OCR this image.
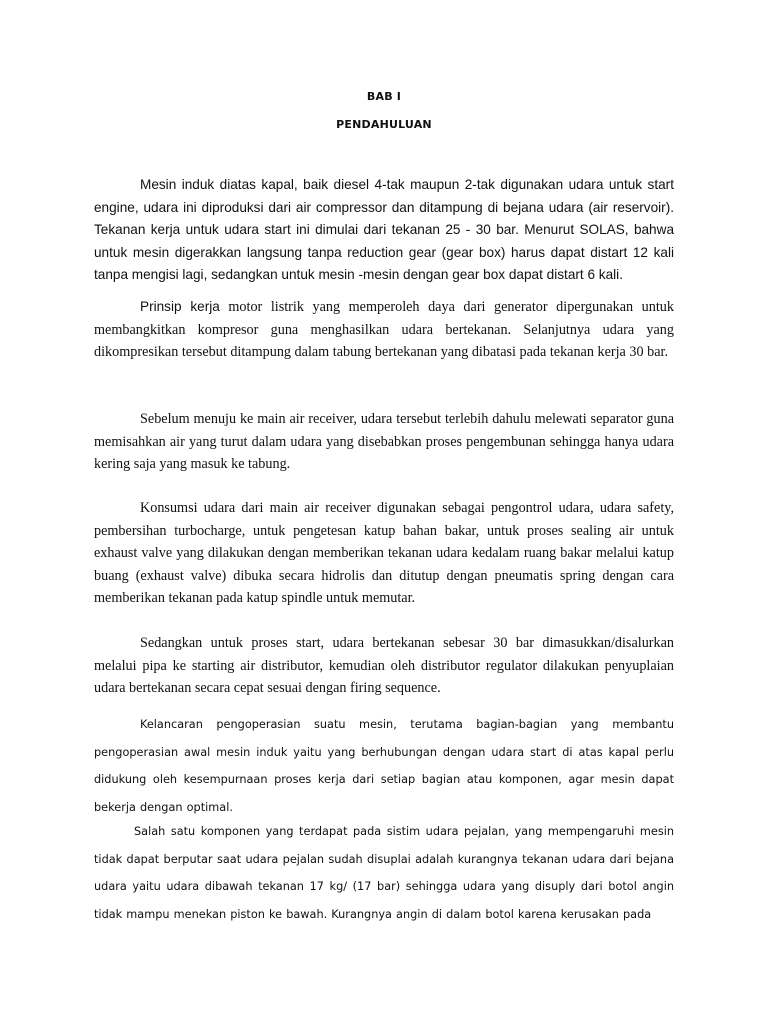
BAB I
PENDAHULUAN

Mesin induk diatas kapal, baik diesel 4-tak maupun 2-tak digunakan udara untuk start engine, udara ini diproduksi dari air compressor dan ditampung di bejana udara (air reservoir). Tekanan kerja untuk udara start ini dimulai dari tekanan 25 - 30 bar. Menurut SOLAS, bahwa untuk mesin digerakkan langsung tanpa reduction gear (gear box) harus dapat distart 12 kali tanpa mengisi lagi, sedangkan untuk mesin -mesin dengan gear box dapat distart 6 kali.

Prinsip kerja motor listrik yang memperoleh daya dari generator dipergunakan untuk membangkitkan kompresor guna menghasilkan udara bertekanan. Selanjutnya udara yang dikompresikan tersebut ditampung dalam tabung bertekanan yang dibatasi pada tekanan kerja 30 bar.

Sebelum menuju ke main air receiver, udara tersebut terlebih dahulu melewati separator guna memisahkan air yang turut dalam udara yang disebabkan proses pengembunan sehingga hanya udara kering saja yang masuk ke tabung.

Konsumsi udara dari main air receiver digunakan sebagai pengontrol udara, udara safety, pembersihan turbocharge, untuk pengetesan katup bahan bakar, untuk proses sealing air untuk exhaust valve yang dilakukan dengan memberikan tekanan udara kedalam ruang bakar melalui katup buang (exhaust valve) dibuka secara hidrolis dan ditutup dengan pneumatis spring dengan cara memberikan tekanan pada katup spindle untuk memutar.

Sedangkan untuk proses start, udara bertekanan sebesar 30 bar dimasukkan/disalurkan melalui pipa ke starting air distributor, kemudian oleh distributor regulator dilakukan penyuplaian udara bertekanan secara cepat sesuai dengan firing sequence.

Kelancaran pengoperasian suatu mesin, terutama bagian-bagian yang membantu pengoperasian awal mesin induk yaitu yang berhubungan dengan udara start di atas kapal perlu didukung oleh kesempurnaan proses kerja dari setiap bagian atau komponen, agar mesin dapat bekerja dengan optimal.

Salah satu komponen yang terdapat pada sistim udara pejalan, yang mempengaruhi mesin tidak dapat berputar saat udara pejalan sudah disuplai adalah kurangnya tekanan udara dari bejana udara yaitu udara dibawah tekanan 17 kg/ (17 bar) sehingga udara yang disuply dari botol angin tidak mampu menekan piston ke bawah. Kurangnya angin di dalam botol karena kerusakan pada
